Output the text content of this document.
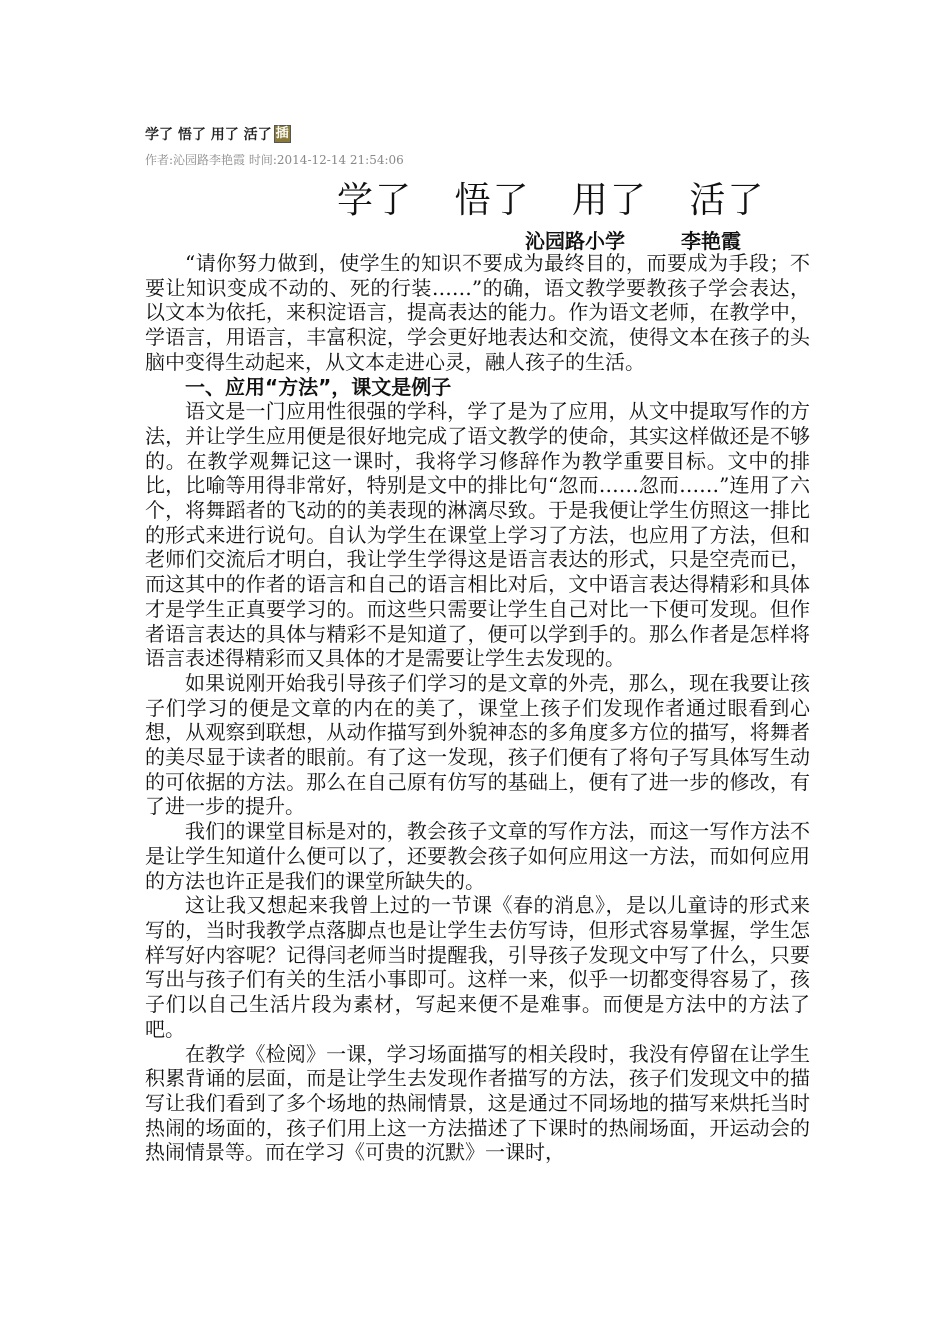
学了 悟了 用了 活了 插
作者:沁园路李艳霞 时间:2014-12-14 21:54:06
学了 悟了 用了 活了
沁园路小学	李艳霞

“请你努力做到，使学生的知识不要成为最终目的，而要成为手段；不要让知识变成不动的、死的行装……”的确，语文教学要教孩子学会表达，以文本为依托，来积淀语言，提高表达的能力。作为语文老师，在教学中，学语言，用语言，丰富积淀，学会更好地表达和交流，使得文本在孩子的头脑中变得生动起来，从文本走进心灵，融人孩子的生活。

一、应用“方法”，课文是例子

语文是一门应用性很强的学科，学了是为了应用，从文中提取写作的方法，并让学生应用便是很好地完成了语文教学的使命，其实这样做还是不够的。在教学观舞记这一课时，我将学习修辞作为教学重要目标。文中的排比，比喻等用得非常好，特别是文中的排比句“忽而……忽而……”连用了六个，将舞蹈者的飞动的的美表现的淋漓尽致。于是我便让学生仿照这一排比的形式来进行说句。自认为学生在课堂上学习了方法，也应用了方法，但和老师们交流后才明白，我让学生学得这是语言表达的形式，只是空壳而已，而这其中的作者的语言和自己的语言相比对后，文中语言表达得精彩和具体才是学生正真要学习的。而这些只需要让学生自己对比一下便可发现。但作者语言表达的具体与精彩不是知道了，便可以学到手的。那么作者是怎样将语言表述得精彩而又具体的才是需要让学生去发现的。

如果说刚开始我引导孩子们学习的是文章的外壳，那么，现在我要让孩子们学习的便是文章的内在的美了，课堂上孩子们发现作者通过眼看到心想，从观察到联想，从动作描写到外貌神态的多角度多方位的描写，将舞者的美尽显于读者的眼前。有了这一发现，孩子们便有了将句子写具体写生动的可依据的方法。那么在自己原有仿写的基础上，便有了进一步的修改，有了进一步的提升。

我们的课堂目标是对的，教会孩子文章的写作方法，而这一写作方法不是让学生知道什么便可以了，还要教会孩子如何应用这一方法，而如何应用的方法也许正是我们的课堂所缺失的。

这让我又想起来我曾上过的一节课《春的消息》，是以儿童诗的形式来写的，当时我教学点落脚点也是让学生去仿写诗，但形式容易掌握，学生怎样写好内容呢？记得闫老师当时提醒我，引导孩子发现文中写了什么，只要写出与孩子们有关的生活小事即可。这样一来，似乎一切都变得容易了，孩子们以自己生活片段为素材，写起来便不是难事。而便是方法中的方法了吧。

在教学《检阅》一课，学习场面描写的相关段时，我没有停留在让学生积累背诵的层面，而是让学生去发现作者描写的方法，孩子们发现文中的描写让我们看到了多个场地的热闹情景，这是通过不同场地的描写来烘托当时热闹的场面的，孩子们用上这一方法描述了下课时的热闹场面，开运动会的热闹情景等。而在学习《可贵的沉默》一课时，
